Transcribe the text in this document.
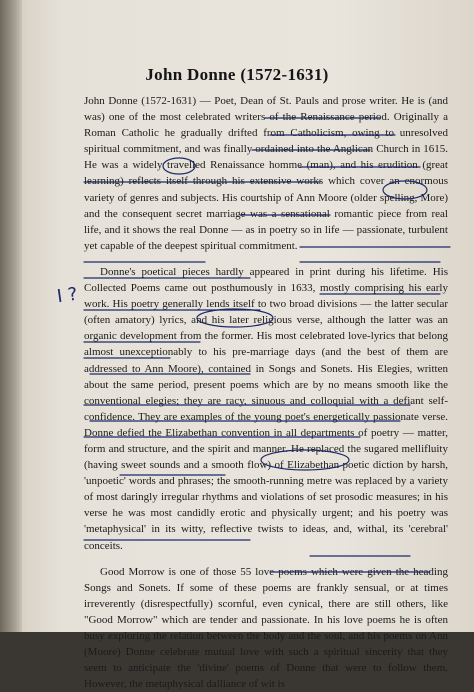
John Donne (1572-1631)

John Donne (1572-1631) — Poet, Dean of St. Pauls and prose writer. He is (and was) one of the most celebrated writers of the Renaissance period. Originally a Roman Catholic he gradually drifted from Catholicism, owing to unresolved spiritual commitment, and was finally ordained into the Anglican Church in 1615. He was a widely travelled Renaissance homme (man), and his erudition (great learning) reflects itself through his extensive works which cover an enormous variety of genres and subjects. His courtship of Ann Moore (older spelling, More) and the consequent secret marriage was a sensational romantic piece from real life, and it shows the real Donne — as in poetry so in life — passionate, turbulent yet capable of the deepest spiritual commitment.

Donne's poetical pieces hardly appeared in print during his lifetime. His Collected Poems came out posthumously in 1633, mostly comprising his early work. His poetry generally lends itself to two broad divisions — the latter secular (often amatory) lyrics, and his later religious verse, although the latter was an organic development from the former. His most celebrated love-lyrics that belong almost unexceptionably to his pre-marriage days (and the best of them are addressed to Ann Moore), contained in Songs and Sonets. His Elegies, written about the same period, present poems which are by no means smooth like the conventional elegies; they are racy, sinuous and colloquial with a defiant self-confidence. They are examples of the young poet's energetically passionate verse. Donne defied the Elizabethan convention in all departments of poetry — matter, form and structure, and the spirit and manner. He replaced the sugared mellifluity (having sweet sounds and a smooth flow) of Elizabethan poetic diction by harsh, 'unpoetic' words and phrases; the smooth-running metre was replaced by a variety of most daringly irregular rhythms and violations of set prosodic measures; in his verse he was most candidly erotic and physically urgent; and his poetry was 'metaphysical' in its witty, reflective twists to ideas, and, withal, its 'cerebral' conceits.

Good Morrow is one of those 55 love poems which were given the heading Songs and Sonets. If some of these poems are frankly sensual, or at times irreverently (disrespectfully) scornful, even cynical, there are still others, like "Good Morrow" which are tender and passionate. In his love poems he is often busy exploring the relation between the body and the soul, and his poems on Ann (Moore) Donne celebrate mutual love with such a spiritual sincerity that they seem to anticipate the 'divine' poems of Donne that were to follow them. However, the metaphysical dalliance of wit is

I ?
